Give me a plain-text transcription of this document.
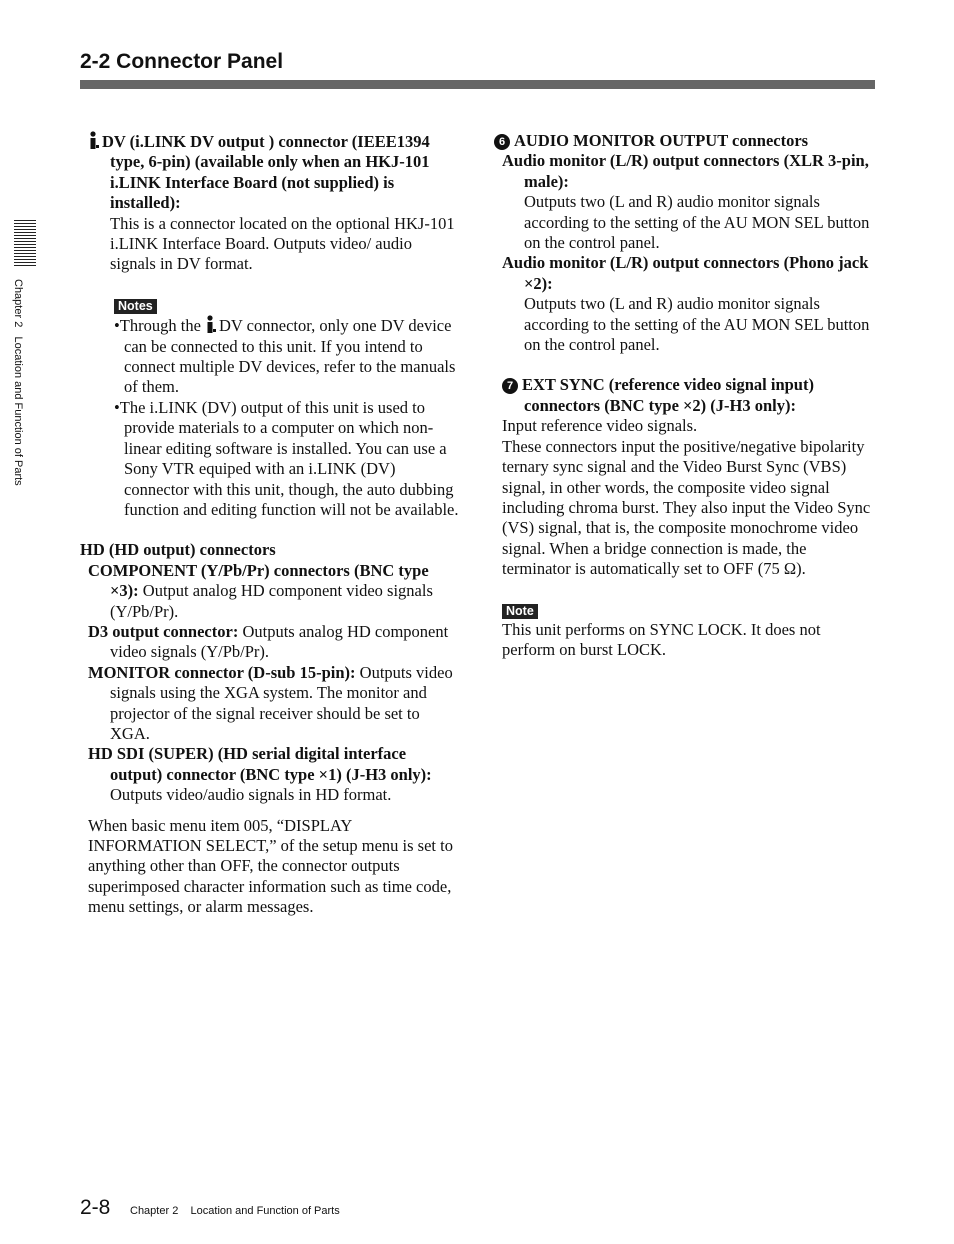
2-2 Connector Panel
Chapter 2   Location and Function of Parts

DV (i.LINK DV output ) connector (IEEE1394 type, 6-pin) (available only when an HKJ-101 i.LINK Interface Board (not supplied) is installed):

This is a connector located on the optional HKJ-101 i.LINK Interface Board. Outputs video/ audio signals in DV format.

Notes

•Through the DV connector, only one DV device can be connected to this unit. If you intend to connect multiple DV devices, refer to the manuals of them.

•The i.LINK (DV) output of this unit is used to provide materials to a computer on which non-linear editing software is installed. You can use a Sony VTR equiped with an i.LINK (DV) connector with this unit, though, the auto dubbing function and editing function will not be available.

HD (HD output) connectors

COMPONENT (Y/Pb/Pr) connectors (BNC type ×3): Output analog HD component video signals (Y/Pb/Pr).

D3 output connector: Outputs analog HD component video signals (Y/Pb/Pr).

MONITOR connector (D-sub 15-pin): Outputs video signals using the XGA system. The monitor and projector of the signal receiver should be set to XGA.

HD SDI (SUPER) (HD serial digital interface output) connector (BNC type ×1) (J-H3 only):

Outputs video/audio signals in HD format.

When basic menu item 005, “DISPLAY INFORMATION SELECT,” of the setup menu is set to anything other than OFF, the connector outputs superimposed character information such as time code, menu settings, or alarm messages.

6 AUDIO MONITOR OUTPUT connectors

Audio monitor (L/R) output connectors (XLR 3-pin, male):

Outputs two (L and R) audio monitor signals according to the setting of the AU MON SEL button on the control panel.

Audio monitor (L/R) output connectors (Phono jack ×2):

Outputs two (L and R) audio monitor signals according to the setting of the AU MON SEL button on the control panel.

7 EXT SYNC (reference video signal input) connectors (BNC type ×2) (J-H3 only):

Input reference video signals.

These connectors input the positive/negative bipolarity ternary sync signal and the Video Burst Sync (VBS) signal, in other words, the composite video signal including chroma burst. They also input the Video Sync (VS) signal, that is, the composite monochrome video signal. When a bridge connection is made, the terminator is automatically set to OFF (75 Ω).

Note

This unit performs on SYNC LOCK. It does not perform on burst LOCK.

2-8 Chapter 2    Location and Function of Parts
